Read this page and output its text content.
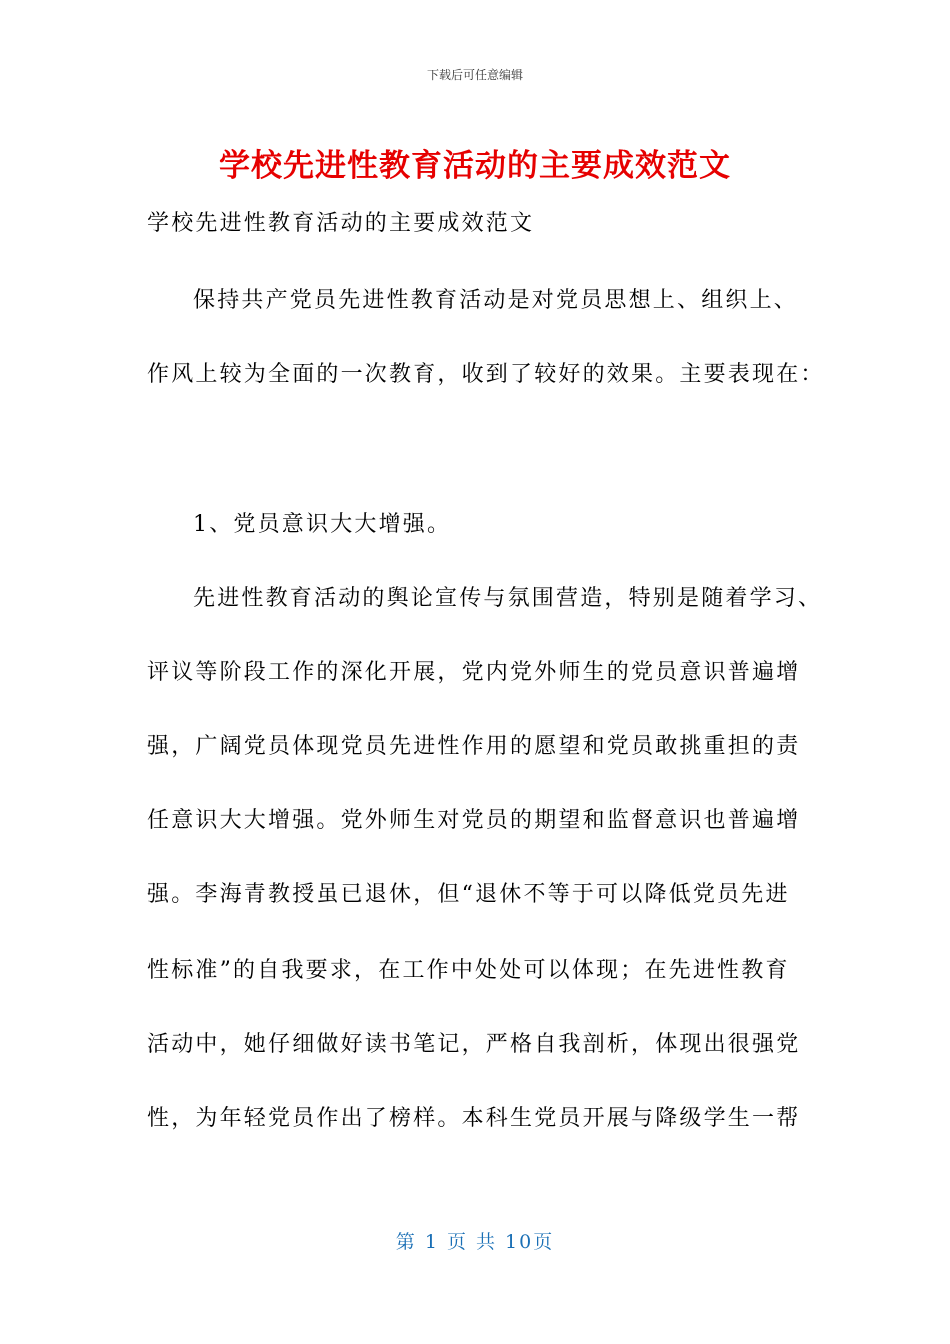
下载后可任意编辑
学校先进性教育活动的主要成效范文
学校先进性教育活动的主要成效范文
保持共产党员先进性教育活动是对党员思想上、组织上、
作风上较为全面的一次教育，收到了较好的效果。主要表现在：
1、党员意识大大增强。
先进性教育活动的舆论宣传与氛围营造，特别是随着学习、
评议等阶段工作的深化开展，党内党外师生的党员意识普遍增
强，广阔党员体现党员先进性作用的愿望和党员敢挑重担的责
任意识大大增强。党外师生对党员的期望和监督意识也普遍增
强。李海青教授虽已退休，但“退休不等于可以降低党员先进
性标准”的自我要求，在工作中处处可以体现；在先进性教育
活动中，她仔细做好读书笔记，严格自我剖析，体现出很强党
性，为年轻党员作出了榜样。本科生党员开展与降级学生一帮
第 1 页 共 10页
